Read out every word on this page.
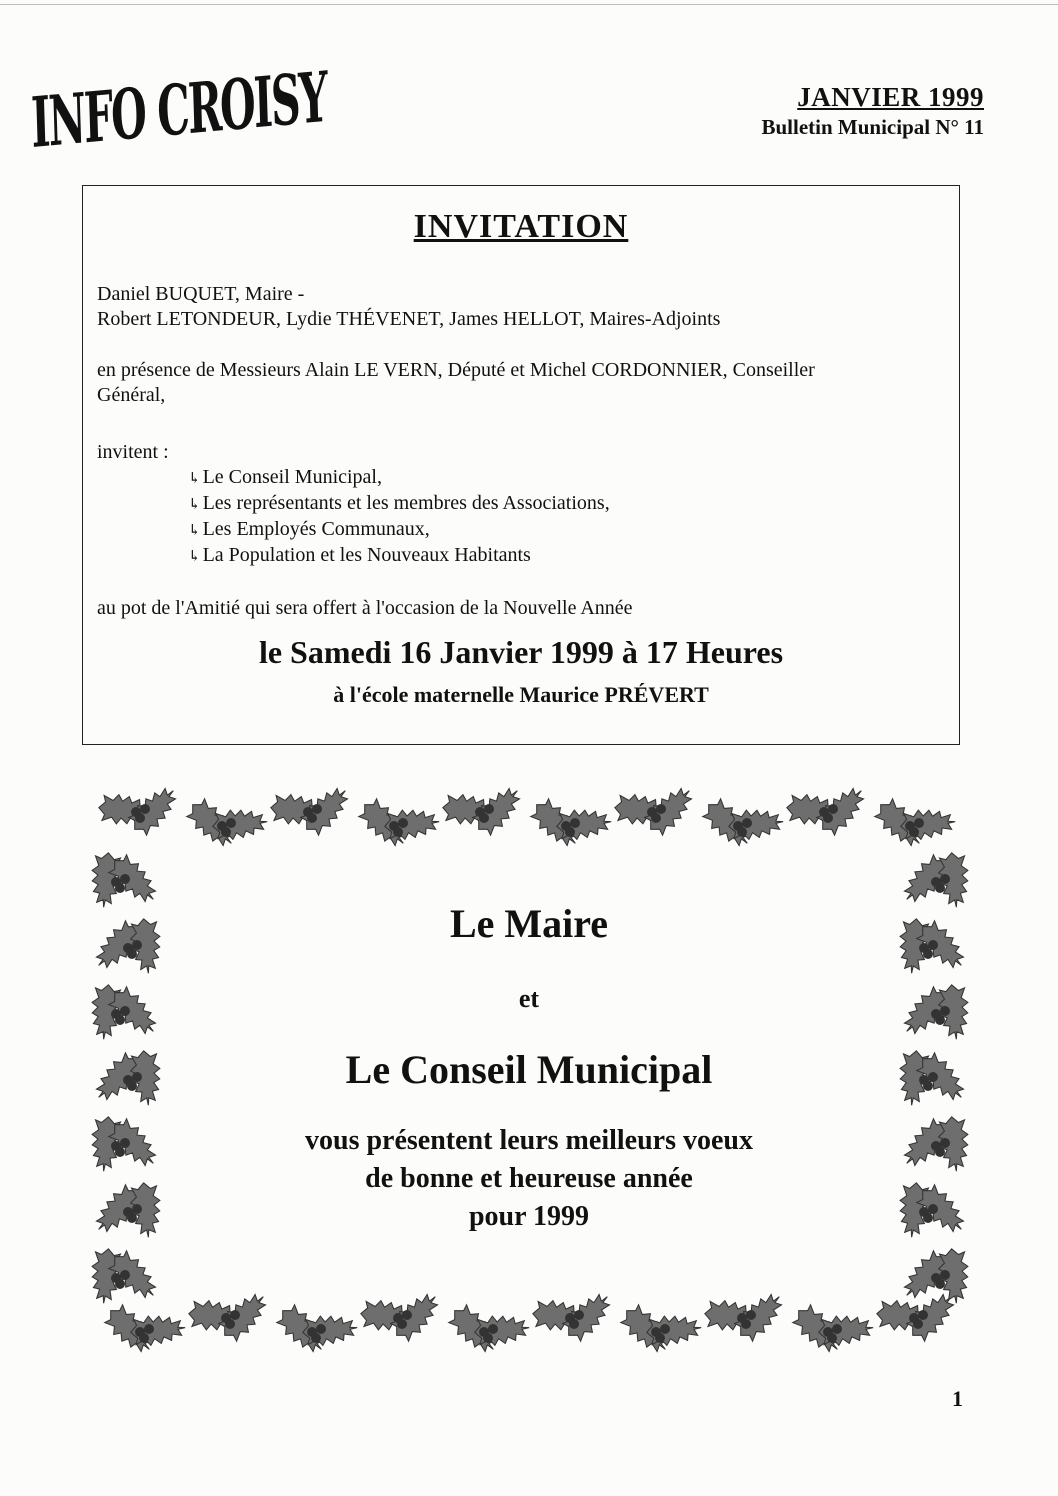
INFO CROISY	JANVIER 1999
Bulletin Municipal N° 11
INVITATION
Daniel BUQUET, Maire -
Robert LETONDEUR, Lydie THÉVENET, James HELLOT, Maires-Adjoints
en présence de Messieurs Alain LE VERN, Député et Michel CORDONNIER, Conseiller
Général,
invitent :
↳ Le Conseil Municipal,
↳ Les représentants et les membres des Associations,
↳ Les Employés Communaux,
↳ La Population et les Nouveaux Habitants
au pot de l'Amitié qui sera offert à l'occasion de la Nouvelle Année
le Samedi 16 Janvier 1999 à 17 Heures
à l'école maternelle Maurice PRÉVERT
Le Maire
et
Le Conseil Municipal
vous présentent leurs meilleurs voeux
de bonne et heureuse année
pour 1999
1
